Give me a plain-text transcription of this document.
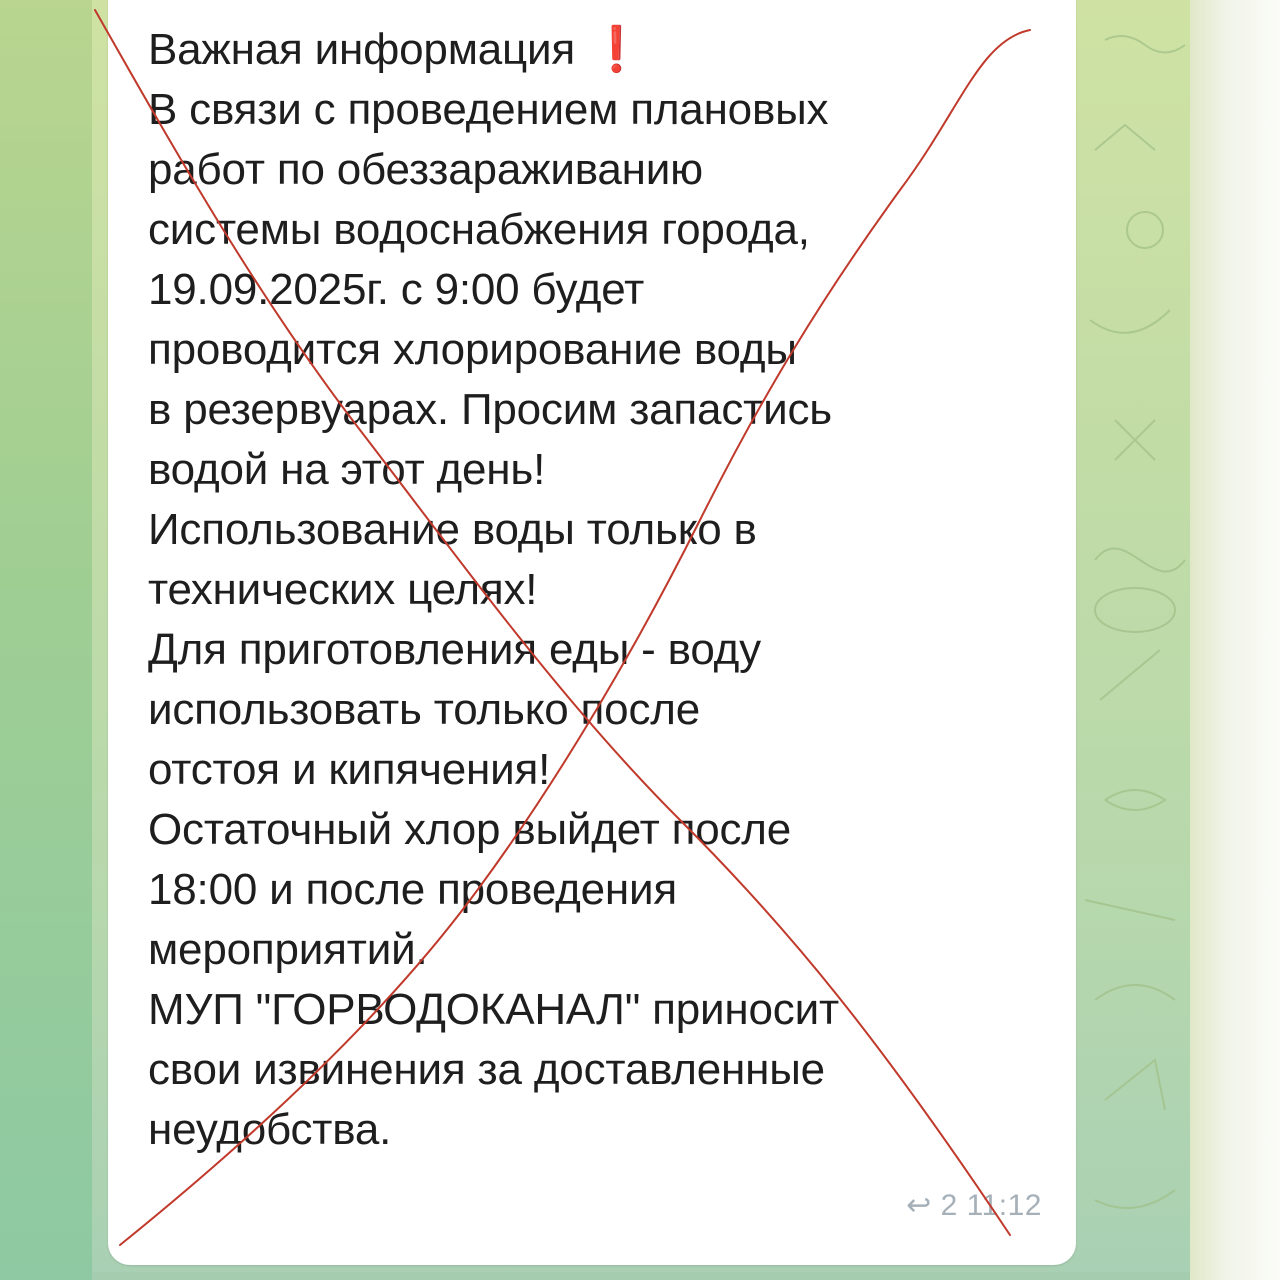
Важная информация ❗
В связи с проведением плановых
работ по обеззараживанию
системы водоснабжения города,
19.09.2025г. с 9:00 будет
проводится хлорирование воды
в резервуарах. Просим запастись
водой на этот день!
Использование воды только в
технических целях!
Для приготовления еды - воду
использовать только после
отстоя и кипячения!
Остаточный хлор выйдет после
18:00 и после проведения
мероприятий.
МУП "ГОРВОДОКАНАЛ" приносит
свои извинения за доставленные
неудобства.
↩ 2 11:12
